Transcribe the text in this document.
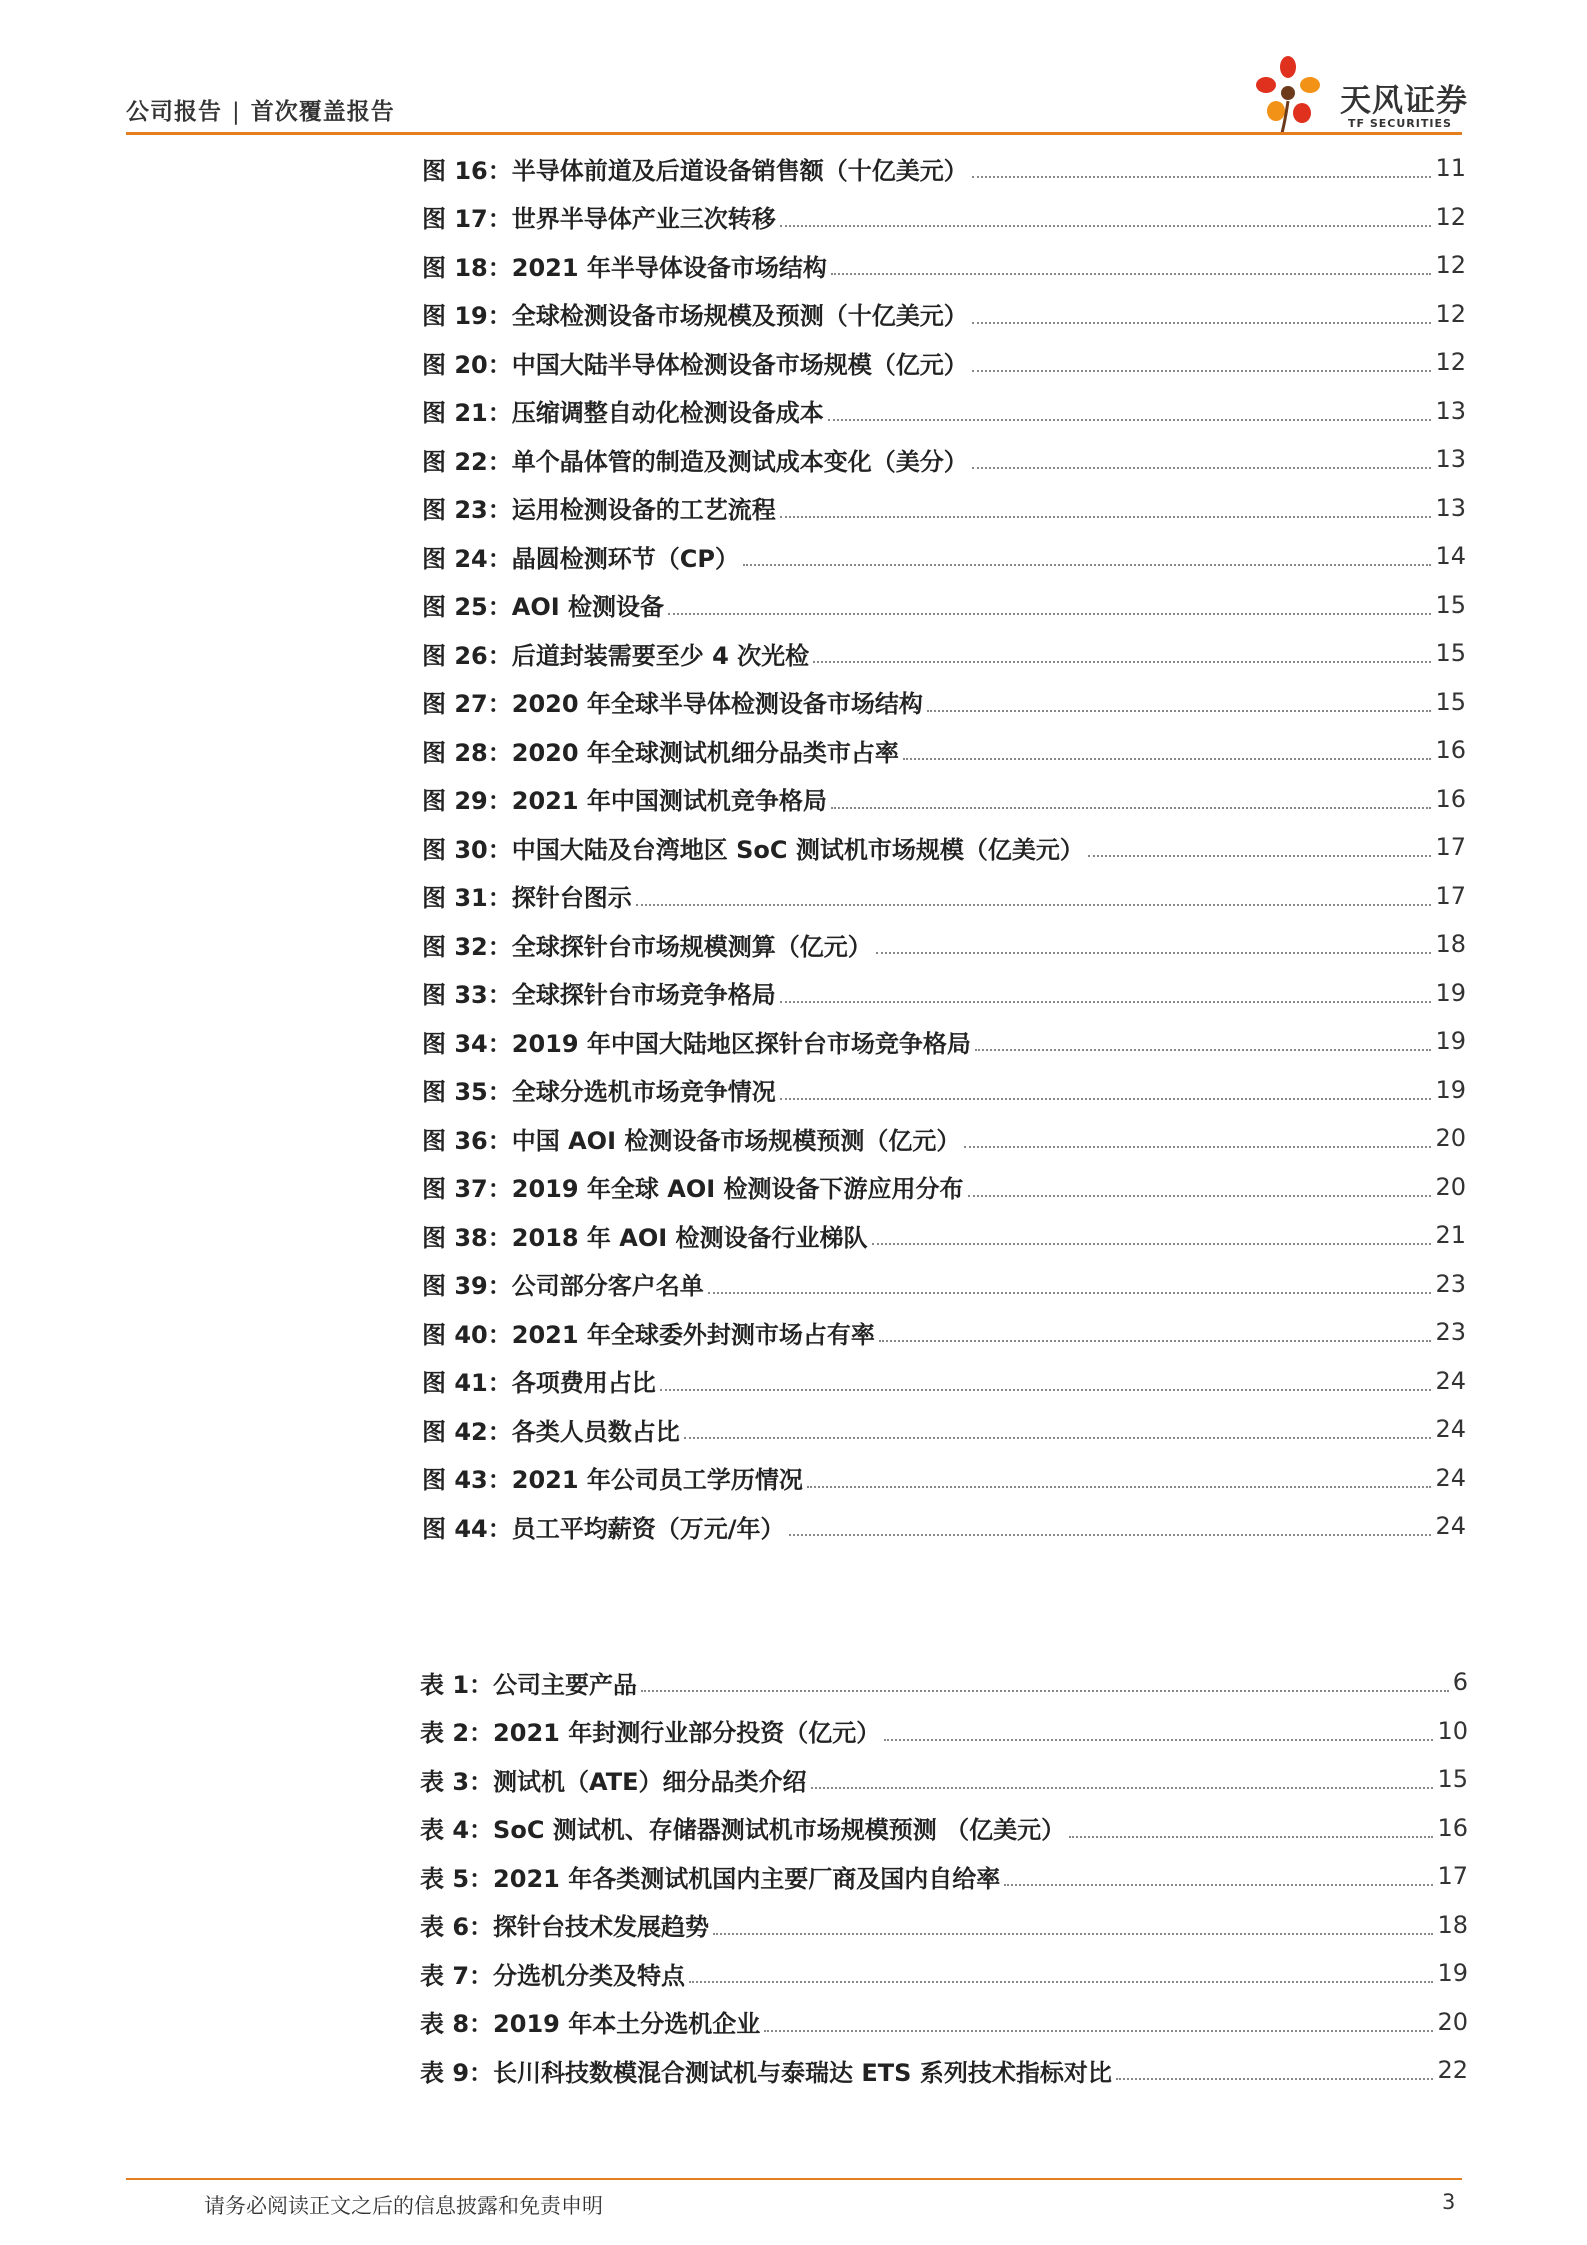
公司报告 | 首次覆盖报告	天风证券
TF SECURITIES
图 16：半导体前道及后道设备销售额（十亿美元）	11
图 17：世界半导体产业三次转移	12
图 18：2021 年半导体设备市场结构	12
图 19：全球检测设备市场规模及预测（十亿美元）	12
图 20：中国大陆半导体检测设备市场规模（亿元）	12
图 21：压缩调整自动化检测设备成本	13
图 22：单个晶体管的制造及测试成本变化（美分）	13
图 23：运用检测设备的工艺流程	13
图 24：晶圆检测环节（CP）	14
图 25：AOI 检测设备	15
图 26：后道封装需要至少 4 次光检	15
图 27：2020 年全球半导体检测设备市场结构	15
图 28：2020 年全球测试机细分品类市占率	16
图 29：2021 年中国测试机竞争格局	16
图 30：中国大陆及台湾地区 SoC 测试机市场规模（亿美元）	17
图 31：探针台图示	17
图 32：全球探针台市场规模测算（亿元）	18
图 33：全球探针台市场竞争格局	19
图 34：2019 年中国大陆地区探针台市场竞争格局	19
图 35：全球分选机市场竞争情况	19
图 36：中国 AOI 检测设备市场规模预测（亿元）	20
图 37：2019 年全球 AOI 检测设备下游应用分布	20
图 38：2018 年 AOI 检测设备行业梯队	21
图 39：公司部分客户名单	23
图 40：2021 年全球委外封测市场占有率	23
图 41：各项费用占比	24
图 42：各类人员数占比	24
图 43：2021 年公司员工学历情况	24
图 44：员工平均薪资（万元/年）	24
表 1：公司主要产品	6
表 2：2021 年封测行业部分投资（亿元）	10
表 3：测试机（ATE）细分品类介绍	15
表 4：SoC 测试机、存储器测试机市场规模预测 （亿美元）	16
表 5：2021 年各类测试机国内主要厂商及国内自给率	17
表 6：探针台技术发展趋势	18
表 7：分选机分类及特点	19
表 8：2019 年本土分选机企业	20
表 9：长川科技数模混合测试机与泰瑞达 ETS 系列技术指标对比	22
请务必阅读正文之后的信息披露和免责申明	3
